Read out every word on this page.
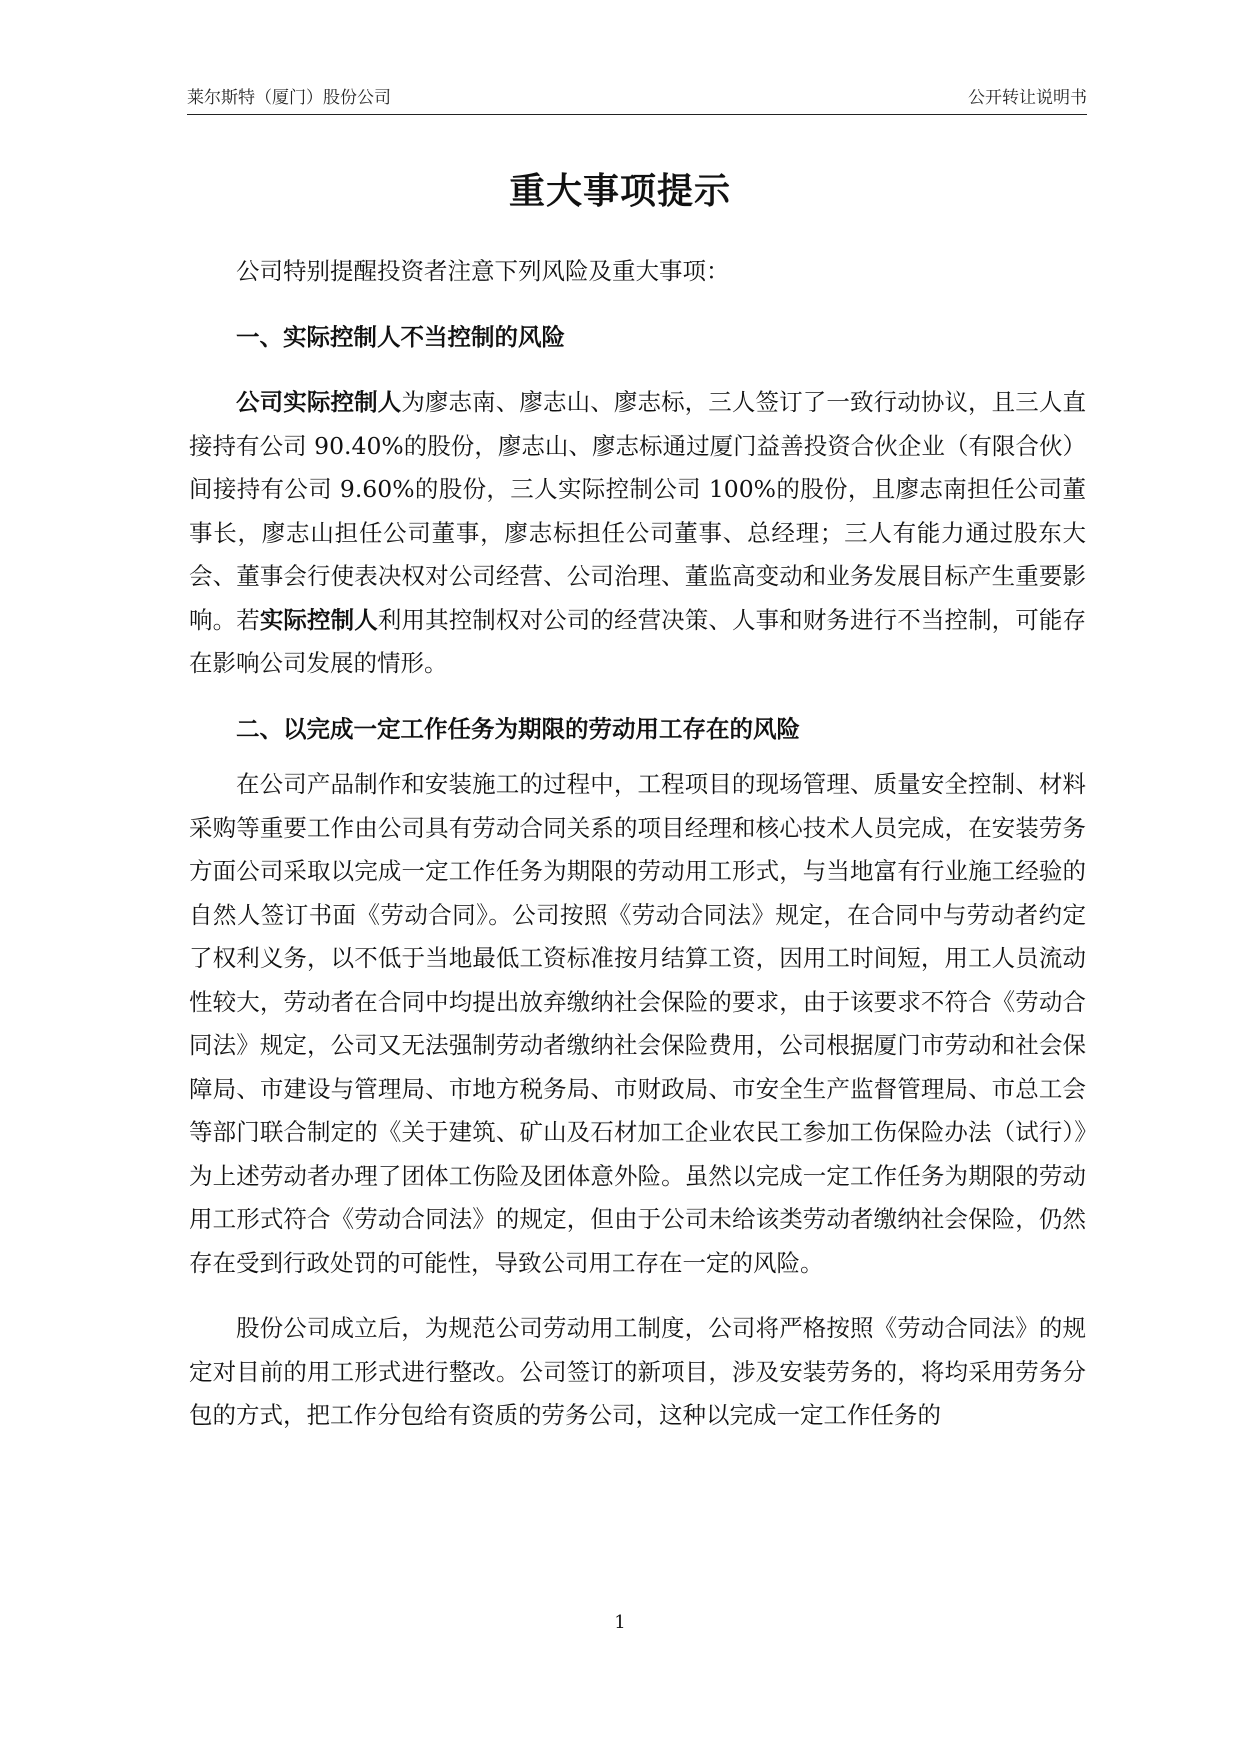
莱尔斯特（厦门）股份公司	公开转让说明书
重大事项提示

公司特别提醒投资者注意下列风险及重大事项：

一、实际控制人不当控制的风险

公司实际控制人为廖志南、廖志山、廖志标，三人签订了一致行动协议，且三人直接持有公司 90.40%的股份，廖志山、廖志标通过厦门益善投资合伙企业（有限合伙）间接持有公司 9.60%的股份，三人实际控制公司 100%的股份，且廖志南担任公司董事长，廖志山担任公司董事，廖志标担任公司董事、总经理；三人有能力通过股东大会、董事会行使表决权对公司经营、公司治理、董监高变动和业务发展目标产生重要影响。若实际控制人利用其控制权对公司的经营决策、人事和财务进行不当控制，可能存在影响公司发展的情形。

二、以完成一定工作任务为期限的劳动用工存在的风险

在公司产品制作和安装施工的过程中，工程项目的现场管理、质量安全控制、材料采购等重要工作由公司具有劳动合同关系的项目经理和核心技术人员完成，在安装劳务方面公司采取以完成一定工作任务为期限的劳动用工形式，与当地富有行业施工经验的自然人签订书面《劳动合同》。公司按照《劳动合同法》规定，在合同中与劳动者约定了权利义务，以不低于当地最低工资标准按月结算工资，因用工时间短，用工人员流动性较大，劳动者在合同中均提出放弃缴纳社会保险的要求，由于该要求不符合《劳动合同法》规定，公司又无法强制劳动者缴纳社会保险费用，公司根据厦门市劳动和社会保障局、市建设与管理局、市地方税务局、市财政局、市安全生产监督管理局、市总工会等部门联合制定的《关于建筑、矿山及石材加工企业农民工参加工伤保险办法（试行）》为上述劳动者办理了团体工伤险及团体意外险。虽然以完成一定工作任务为期限的劳动用工形式符合《劳动合同法》的规定，但由于公司未给该类劳动者缴纳社会保险，仍然存在受到行政处罚的可能性，导致公司用工存在一定的风险。

股份公司成立后，为规范公司劳动用工制度，公司将严格按照《劳动合同法》的规定对目前的用工形式进行整改。公司签订的新项目，涉及安装劳务的，将均采用劳务分包的方式，把工作分包给有资质的劳务公司，这种以完成一定工作任务的

1
